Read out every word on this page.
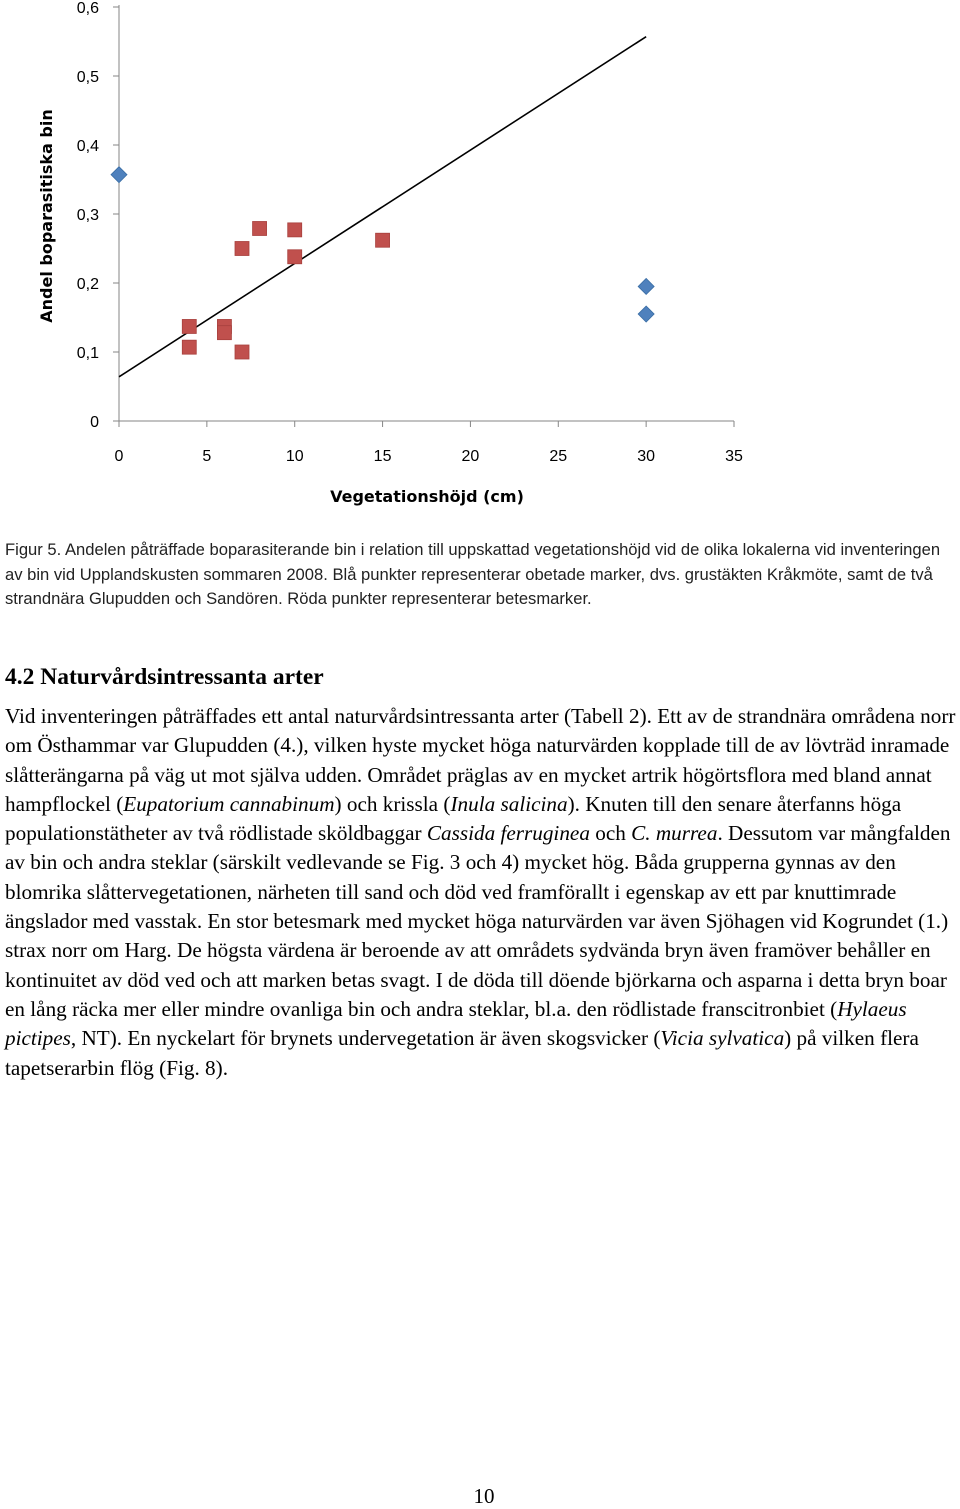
0
0,1
0,2
0,3
0,4
0,5
0,6
0	5	10	15	20	25	30	35
Andel boparasitiska bin
Vegetationshöjd (cm)

Figur 5. Andelen påträffade boparasiterande bin i relation till uppskattad vegetationshöjd vid de olika lokalerna vid inventeringen av bin vid Upplandskusten sommaren 2008. Blå punkter representerar obetade marker, dvs. grustäkten Kråkmöte, samt de två strandnära Glupudden och Sandören. Röda punkter representerar betesmarker.

4.2 Naturvårdsintressanta arter

Vid inventeringen påträffades ett antal naturvårdsintressanta arter (Tabell 2). Ett av de strandnära områdena norr om Östhammar var Glupudden (4.), vilken hyste mycket höga naturvärden kopplade till de av lövträd inramade slåtterängarna på väg ut mot själva udden. Området präglas av en mycket artrik högörtsflora med bland annat hampflockel (Eupatorium cannabinum) och krissla (Inula salicina). Knuten till den senare återfanns höga populationstätheter av två rödlistade sköldbaggar Cassida ferruginea och C. murrea. Dessutom var mångfalden av bin och andra steklar (särskilt vedlevande se Fig. 3 och 4) mycket hög. Båda grupperna gynnas av den blomrika slåttervegetationen, närheten till sand och död ved framförallt i egenskap av ett par knuttimrade ängslador med vasstak. En stor betesmark med mycket höga naturvärden var även Sjöhagen vid Kogrundet (1.) strax norr om Harg. De högsta värdena är beroende av att områdets sydvända bryn även framöver behåller en kontinuitet av död ved och att marken betas svagt. I de döda till döende björkarna och asparna i detta bryn boar en lång räcka mer eller mindre ovanliga bin och andra steklar, bl.a. den rödlistade franscitronbiet (Hylaeus pictipes, NT). En nyckelart för brynets undervegetation är även skogsvicker (Vicia sylvatica) på vilken flera tapetserarbin flög (Fig. 8).

10
